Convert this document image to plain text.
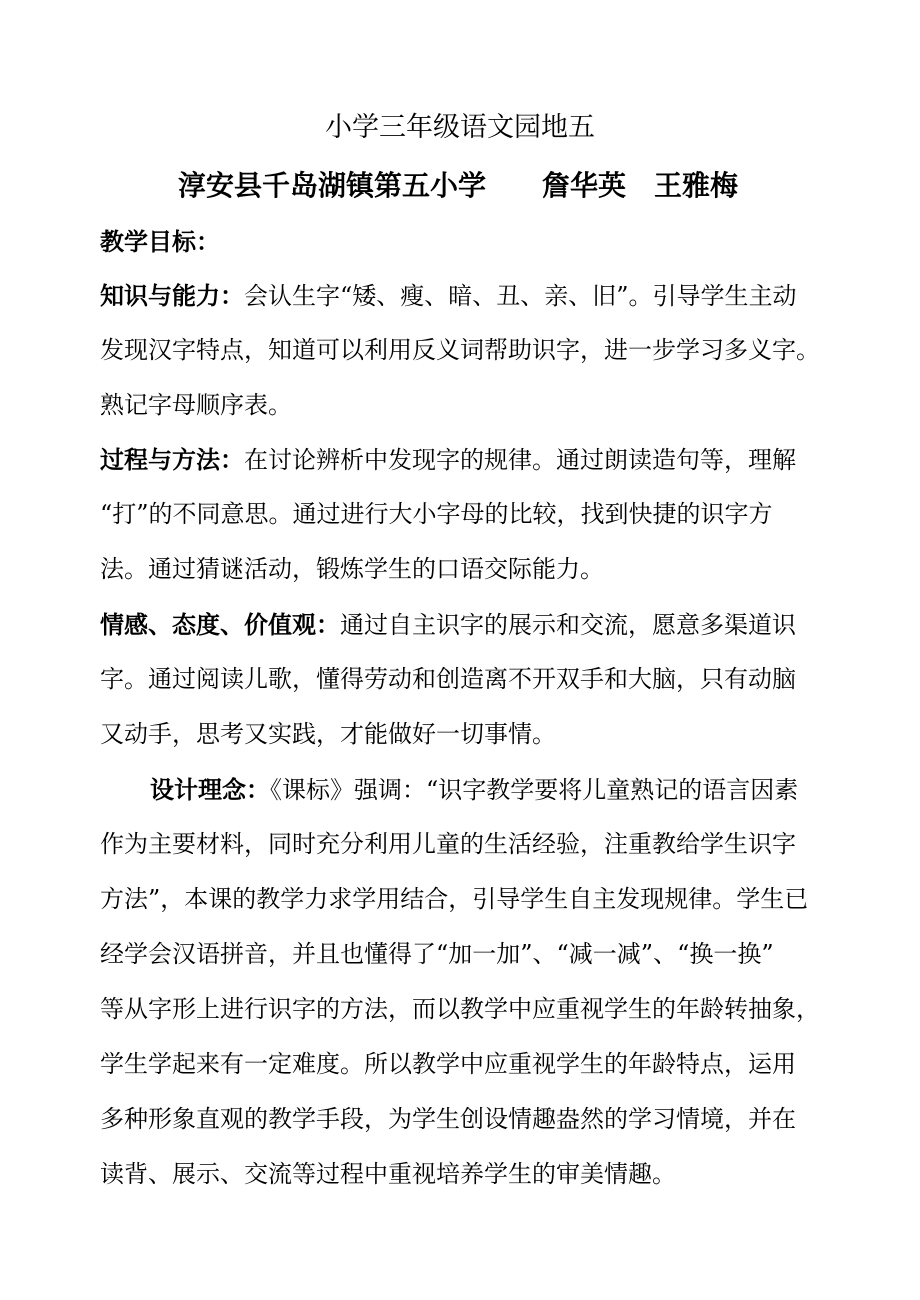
小学三年级语文园地五
淳安县千岛湖镇第五小学 詹华英　王雅梅
教学目标：
知识与能力：会认生字“矮、瘦、暗、丑、亲、旧”。引导学生主动
发现汉字特点，知道可以利用反义词帮助识字，进一步学习多义字。
熟记字母顺序表。
过程与方法：在讨论辨析中发现字的规律。通过朗读造句等，理解
“打”的不同意思。通过进行大小字母的比较，找到快捷的识字方
法。通过猜谜活动，锻炼学生的口语交际能力。
情感、态度、价值观：通过自主识字的展示和交流，愿意多渠道识
字。通过阅读儿歌，懂得劳动和创造离不开双手和大脑，只有动脑
又动手，思考又实践，才能做好一切事情。
设计理念：《课标》强调：“识字教学要将儿童熟记的语言因素
作为主要材料，同时充分利用儿童的生活经验，注重教给学生识字
方法”，本课的教学力求学用结合，引导学生自主发现规律。学生已
经学会汉语拼音，并且也懂得了“加一加”、“减一减”、“换一换”
等从字形上进行识字的方法，而以教学中应重视学生的年龄转抽象，
学生学起来有一定难度。所以教学中应重视学生的年龄特点，运用
多种形象直观的教学手段，为学生创设情趣盎然的学习情境，并在
读背、展示、交流等过程中重视培养学生的审美情趣。
